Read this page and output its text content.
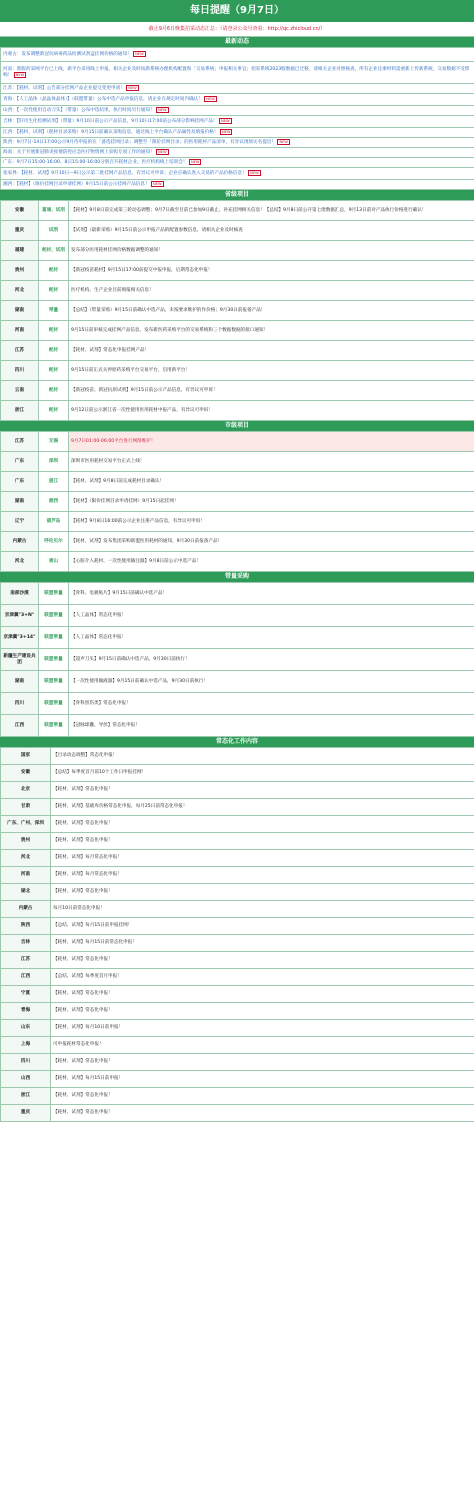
每日提醒（9月7日）
截止9月6日晚集招采动态汇总：（请登录公众号查看：http://qc.zhicloud.cn/）
最新动态
内蒙古：发布调整新冠抗病毒药品检测试剂盒挂网价格的通知！ NEW
河南：新版药采网平台已上线，新平台采用线上申报，相关企业及时按新系统办理机构配置和「交易系统」申报相关事宜；招采系统2023版数据已迁移，请相关企业对照核查，所有企业注册材料需重新上传新系统，交易数据不受影响！ NEW
江苏：【耗材、试剂】公告部分挂网产品企业提交变更申请！ NEW
青海：【人工晶体（晶晶体晶体）】（联盟带量）公布中选产品申报信息，请企业在规定时间内确认！ NEW
山西：【一次性使用自动刀头】（带量）公布中选结果，执行时间另行通知！ NEW
吉林：【肝功生化检测试剂】（带量）9月10日前公示产品信息，9月10日17:00前公布部分影响挂网产品！ NEW
江西：【耗材、试剂】（耗材目录采购）9月15日前确认采购信息，通过线上平台确认产品属性及填报价格！ NEW
陕西：9月7日-14日17:00公示9月待申报的在「备选挂网目录」调整至「限价挂网目录」的医用耗材产品清单，有异议现场实名提出！ NEW
海南：关于开展新冠肺炎疫情防控应急医疗物资网上采购专项工作的通知！ NEW
广东：9月7日15:00-16:00、8日15:00-16:00分别召开耗材企业、医疗机构线上培训会！ NEW
张家界：【耗材、试剂】9月10日—9日公示第二批挂网产品信息，有异议可申诉；企业应确认进入交易的产品价格信息！ NEW
湘西：【耗材】（限价挂网目录申请挂网）9月15日前公示挂网产品信息！ NEW
省级项目
安徽	富通、试剂	【耗材】9月8日前完成第三轮动态调整；9月7日截至目前已参加9日截止，补充挂网相关信息！【总结】9月8日前公开第七批数据汇总，9月13日前对产品执行价格进行确认！
重庆	试剂	【试剂】（最新采购）9月15日前公示申报产品的配置参数信息，请相关企业及时核查
福建	耗材、试剂	发布部分医用耗材挂网价格数据调整的通知！
贵州	耗材	【新冠疫苗耗材】9月15日17:00前提交中报申报，后期常态化申报！
河北	耗材	医疗机构、生产企业目前填报相关信息！
湖南	带量	【总结】（带量采购）9月15日前确认中选产品，未按要求维护的作价格；9月30日前报备产品！
河南	耗材	9月15日前审核完成挂网产品信息，发布新医药采购平台的交易系统和三个数据数据的接口通知！
江苏	耗材	【耗材、试剂】常态化申报挂网产品！
四川	耗材	9月15日前正式关停原药采购平台交易平台，启用新平台！
云南	耗材	【新冠疫苗、新冠抗原试剂】9月15日前公示产品信息，有异议可申诉！
浙江	耗材	9月12日前公示浙江省一次性使用医用耗材中报产品，有异议可申诉！
市级项目
江苏	无锡	9月7日01:00-06:00平台进行网络维护！
广东	深圳	深圳市医用耗材交易平台正式上线！
广东	湛江	【耗材、试剂】9月8日前完成耗材目录确认！
湖南	湘西	【耗材】（限价挂网目录申请挂网）9月15日起挂网！
辽宁	葫芦岛	【耗材】9月8日16:00前公示企业注册产品信息，有异议可申诉！
内蒙古	呼伦贝尔	【耗材、试剂】发布集团采购联盟医用耗材的通知，9月30日前报备产品！
河北	唐山	【心脏介入耗材、一次性使用输注器】9月8日前公示中选产品！
带量采购
南部沙漠	联盟带量	【骨科、电极贴片】9月15日前确认中选产品！
京津冀"3+N"	联盟带量	【人工晶体】常态化申报！
京津冀"3+14"	联盟带量	【人工晶体】常态化申报！
新疆生产建设兵团	联盟带量	【超声刀头】9月15日前确认中选产品，9月30日前执行！
湖南	联盟带量	【一次性使用输液器】9月15日前确认中选产品，9月30日前执行！
四川	联盟带量	【骨科创伤类】常态化申报！
江西	联盟带量	【冠脉球囊、导丝】常态化申报！
常态化工作内容
国家	【目录动态调整】常态化申报！
安徽	【总结】每季度首月前10个工作日申报挂网！
北京	【耗材、试剂】常态化申报！
甘肃	【耗材、试剂】基础库价格常态化申报，每月25日前常态化申报！
广东、广州、深圳	【耗材、试剂】常态化申报！
贵州	【耗材、试剂】常态化申报！
河北	【耗材、试剂】每月常态化申报！
河南	【耗材、试剂】每月常态化申报！
湖北	【耗材、试剂】常态化申报！
内蒙古	每月10日前常态化申报！
陕西	【总结、试剂】每月15日前申报挂网！
吉林	【耗材、试剂】每月15日前常态化申报！
江苏	【耗材、试剂】常态化申报！
江西	【总结、试剂】每季度首月申报！
宁夏	【耗材、试剂】常态化申报！
青海	【耗材、试剂】常态化申报！
山东	【耗材、试剂】每月10日前申报！
上海	可申报耗材常态化申报！
四川	【耗材、试剂】常态化申报！
山西	【耗材、试剂】每月15日前申报！
浙江	【耗材、试剂】常态化申报！
重庆	【耗材、试剂】常态化申报！
